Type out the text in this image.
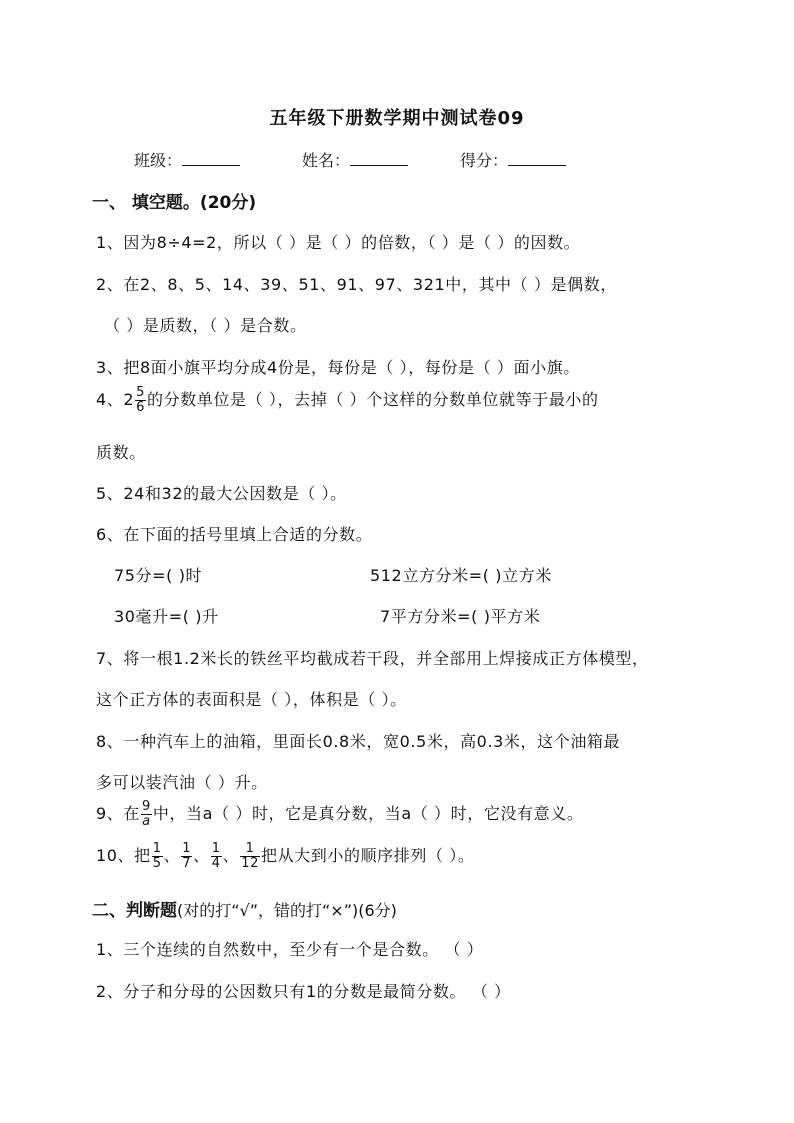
五年级下册数学期中测试卷09
班级：	姓名：	得分：
一、 填空题。(20分)
1、因为8÷4=2，所以（ ）是（ ）的倍数，（ ）是（ ）的因数。
2、在2、8、5、14、39、51、91、97、321中，其中（ ）是偶数，
（ ）是质数，（ ）是合数。
3、把8面小旗平均分成4份是，每份是（ ），每份是（ ）面小旗。
4、$2 \frac{5}{6}$ 的分数单位是（ ），去掉（ ）个这样的分数单位就等于最小的
质数。
5、24和32的最大公因数是（ ）。
6、在下面的括号里填上合适的分数。
75分=( )时	512立方分米=( )立方米
30毫升=( )升	7平方分米=( )平方米
7、将一根1.2米长的铁丝平均截成若干段，并全部用上焊接成正方体模型，
这个正方体的表面积是（ ），体积是（ ）。
8、一种汽车上的油箱，里面长0.8米，宽0.5米，高0.3米，这个油箱最
多可以装汽油（ ）升。
9、在 $\frac{9}{a}$ 中，当a（ ）时，它是真分数，当a（ ）时，它没有意义。
10、把 $\frac{1}{5}$ 、 $\frac{1}{7}$ 、 $\frac{1}{4}$ 、 $\frac{1}{12}$ 把从大到小的顺序排列（ ）。
二、判断题(对的打“√”，错的打“×”)(6分)
1、三个连续的自然数中，至少有一个是合数。 （ ）
2、分子和分母的公因数只有1的分数是最简分数。 （ ）
